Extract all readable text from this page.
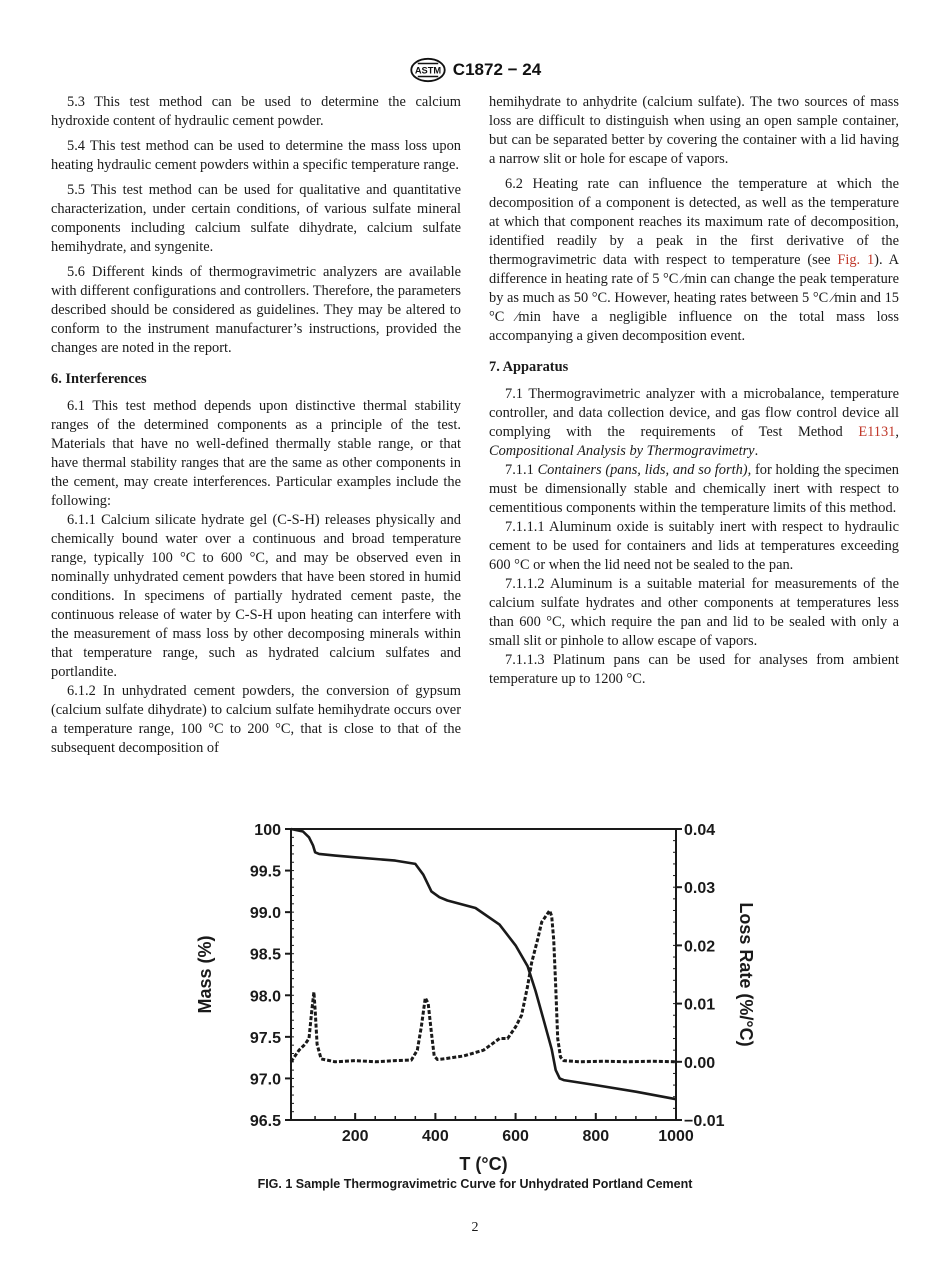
ASTM C1872 − 24

5.3 This test method can be used to determine the calcium hydroxide content of hydraulic cement powder.

5.4 This test method can be used to determine the mass loss upon heating hydraulic cement powders within a specific temperature range.

5.5 This test method can be used for qualitative and quantitative characterization, under certain conditions, of various sulfate mineral components including calcium sulfate dihydrate, calcium sulfate hemihydrate, and syngenite.

5.6 Different kinds of thermogravimetric analyzers are available with different configurations and controllers. Therefore, the parameters described should be considered as guidelines. They may be altered to conform to the instrument manufacturer’s instructions, provided the changes are noted in the report.

6. Interferences

6.1 This test method depends upon distinctive thermal stability ranges of the determined components as a principle of the test. Materials that have no well-defined thermally stable range, or that have thermal stability ranges that are the same as other components in the cement, may create interferences. Particular examples include the following:

6.1.1 Calcium silicate hydrate gel (C-S-H) releases physically and chemically bound water over a continuous and broad temperature range, typically 100 °C to 600 °C, and may be observed even in nominally unhydrated cement powders that have been stored in humid conditions. In specimens of partially hydrated cement paste, the continuous release of water by C-S-H upon heating can interfere with the measurement of mass loss by other decomposing minerals within that temperature range, such as hydrated calcium sulfates and portlandite.

6.1.2 In unhydrated cement powders, the conversion of gypsum (calcium sulfate dihydrate) to calcium sulfate hemihydrate occurs over a temperature range, 100 °C to 200 °C, that is close to that of the subsequent decomposition of

hemihydrate to anhydrite (calcium sulfate). The two sources of mass loss are difficult to distinguish when using an open sample container, but can be separated better by covering the container with a lid having a narrow slit or hole for escape of vapors.

6.2 Heating rate can influence the temperature at which the decomposition of a component is detected, as well as the temperature at which that component reaches its maximum rate of decomposition, identified readily by a peak in the first derivative of the thermogravimetric data with respect to temperature (see Fig. 1). A difference in heating rate of 5 °C ⁄min can change the peak temperature by as much as 50 °C. However, heating rates between 5 °C ⁄min and 15 °C ⁄min have a negligible influence on the total mass loss accompanying a given decomposition event.

7. Apparatus

7.1 Thermogravimetric analyzer with a microbalance, temperature controller, and data collection device, and gas flow control device all complying with the requirements of Test Method E1131, Compositional Analysis by Thermogravimetry.

7.1.1 Containers (pans, lids, and so forth), for holding the specimen must be dimensionally stable and chemically inert with respect to cementitious components within the temperature limits of this method.

7.1.1.1 Aluminum oxide is suitably inert with respect to hydraulic cement to be used for containers and lids at temperatures exceeding 600 °C or when the lid need not be sealed to the pan.

7.1.1.2 Aluminum is a suitable material for measurements of the calcium sulfate hydrates and other components at temperatures less than 600 °C, which require the pan and lid to be sealed with only a small slit or pinhole to allow escape of vapors.

7.1.1.3 Platinum pans can be used for analyses from ambient temperature up to 1200 °C.

200	400	600	800	1000
96.5
97.0
97.5
98.0
98.5
99.0
99.5
100
−0.01
0.00
0.01
0.02
0.03
0.04
T (°C)
Mass (%)	Loss Rate (%/°C)
FIG. 1 Sample Thermogravimetric Curve for Unhydrated Portland Cement
2
